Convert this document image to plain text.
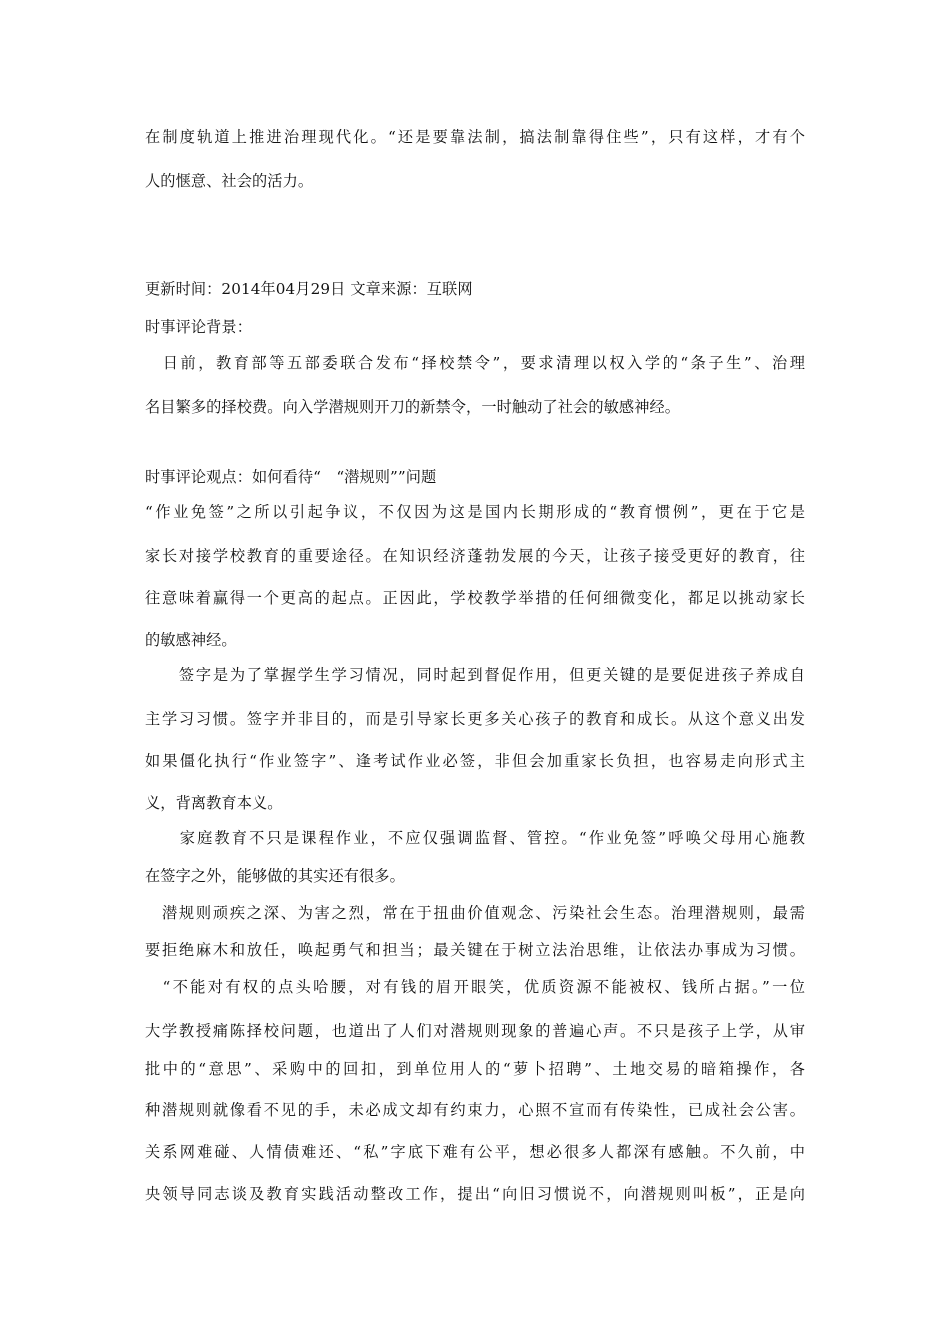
在制度轨道上推进治理现代化。“还是要靠法制，搞法制靠得住些”，只有这样，才有个
人的惬意、社会的活力。
更新时间：2014年04月29日 文章来源：互联网
时事评论背景：
　日前，教育部等五部委联合发布“择校禁令”，要求清理以权入学的“条子生”、治理
名目繁多的择校费。向入学潜规则开刀的新禁令，一时触动了社会的敏感神经。
时事评论观点：如何看待“　“潜规则””问题
“作业免签”之所以引起争议，不仅因为这是国内长期形成的“教育惯例”，更在于它是
家长对接学校教育的重要途径。在知识经济蓬勃发展的今天，让孩子接受更好的教育，往
往意味着赢得一个更高的起点。正因此，学校教学举措的任何细微变化，都足以挑动家长
的敏感神经。
　　签字是为了掌握学生学习情况，同时起到督促作用，但更关键的是要促进孩子养成自
主学习习惯。签字并非目的，而是引导家长更多关心孩子的教育和成长。从这个意义出发
如果僵化执行“作业签字”、逢考试作业必签，非但会加重家长负担，也容易走向形式主
义，背离教育本义。
　　家庭教育不只是课程作业，不应仅强调监督、管控。“作业免签”呼唤父母用心施教
在签字之外，能够做的其实还有很多。
　潜规则顽疾之深、为害之烈，常在于扭曲价值观念、污染社会生态。治理潜规则，最需
要拒绝麻木和放任，唤起勇气和担当；最关键在于树立法治思维，让依法办事成为习惯。
　“不能对有权的点头哈腰，对有钱的眉开眼笑，优质资源不能被权、钱所占据。”一位
大学教授痛陈择校问题，也道出了人们对潜规则现象的普遍心声。不只是孩子上学，从审
批中的“意思”、采购中的回扣，到单位用人的“萝卜招聘”、土地交易的暗箱操作，各
种潜规则就像看不见的手，未必成文却有约束力，心照不宣而有传染性，已成社会公害。
关系网难碰、人情债难还、“私”字底下难有公平，想必很多人都深有感触。不久前，中
央领导同志谈及教育实践活动整改工作，提出“向旧习惯说不，向潜规则叫板”，正是向
